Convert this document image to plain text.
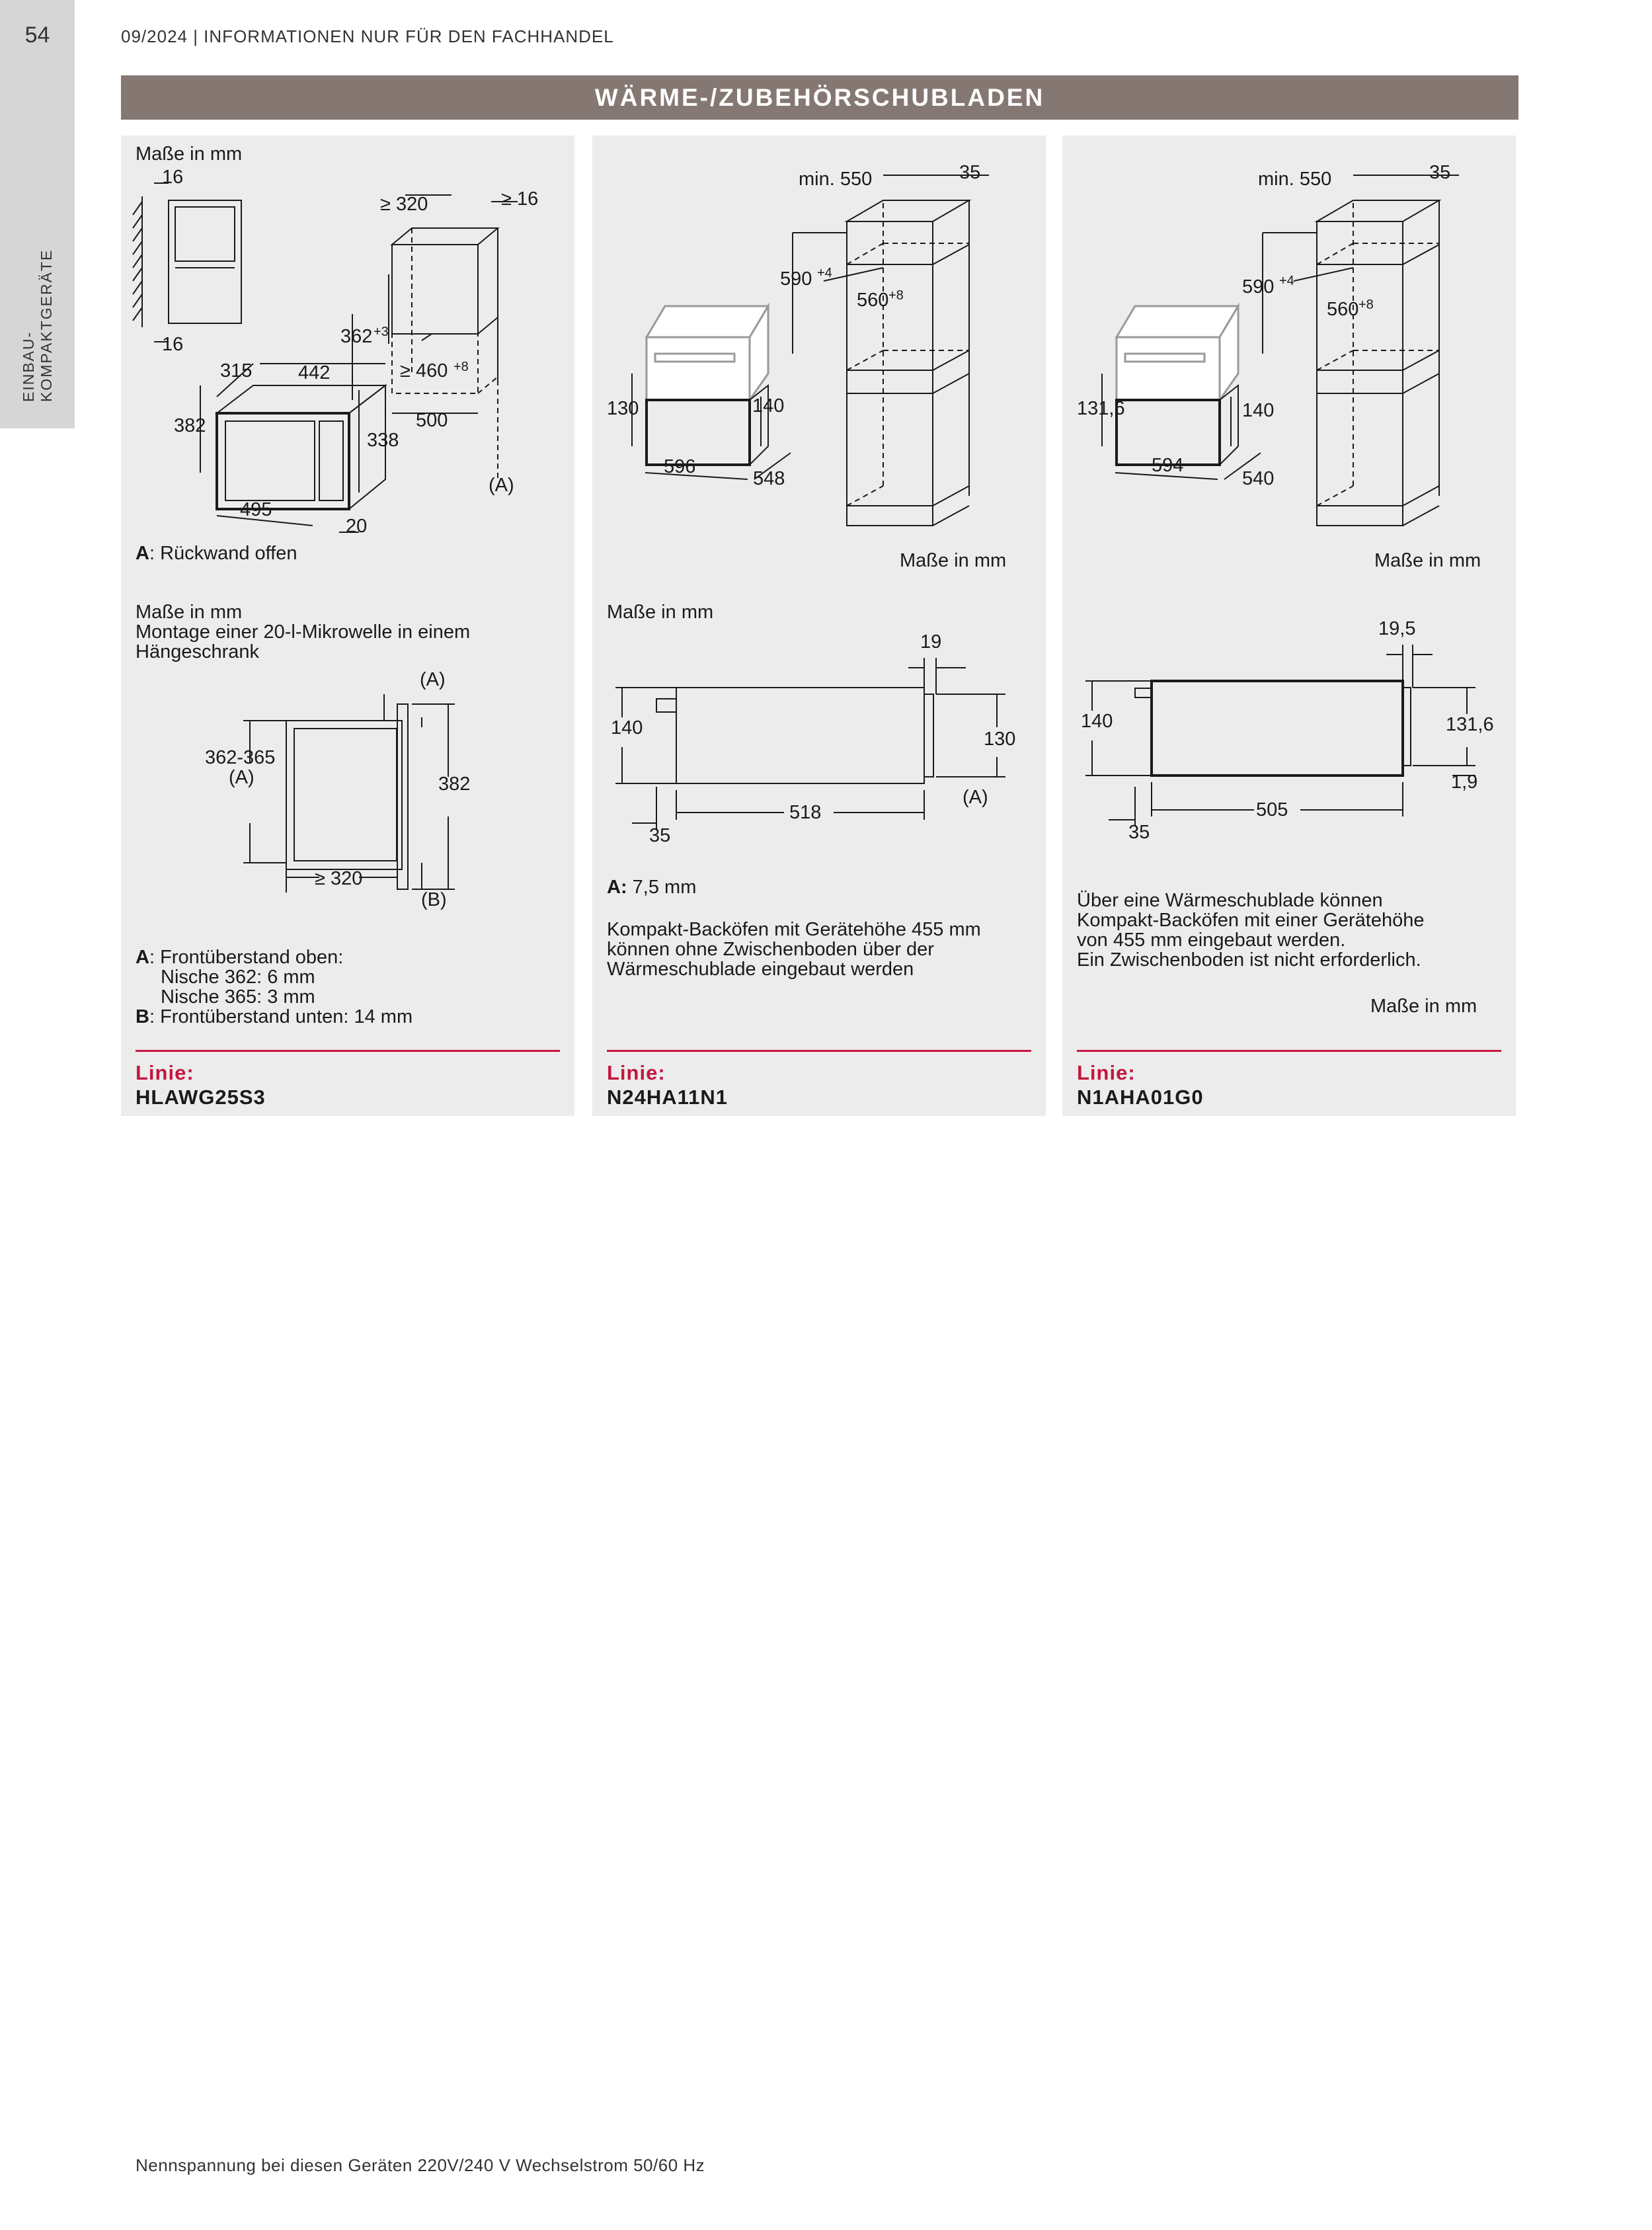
54
EINBAU- KOMPAKTGERÄTE
09/2024 | INFORMATIONEN NUR FÜR DEN FACHHANDEL
WÄRME-/ZUBEHÖRSCHUBLADEN
Maße in mm
16
16
≥ 320	≥ 16
362 +3
≥ 460 +8
315 442
382
338
500
495
20
(A)
Maße in mm
Montage einer 20-l-Mikrowelle in einem
Hängeschrank
(A)
362-365
(A)	382
≥ 320
(B)
A: Rückwand offen
A: Frontüberstand oben:
Nische 362: 6 mm
Nische 365: 3 mm
B: Frontüberstand unten: 14 mm
Linie:
HLAWG25S3
min. 550	35
590 +4
560 +8
130	140
596
548
Maße in mm
Maße in mm
19
140
130
518
35
(A)
A: 7,5 mm
Kompakt-Backöfen mit Gerätehöhe 455 mm
können ohne Zwischenboden über der
Wärmeschublade eingebaut werden
Linie:
N24HA11N1
min. 550	35
590 +4
560 +8
131,6	140
594
540
Maße in mm
19,5
140	131,6
1,9
505
35
Über eine Wärmeschublade können
Kompakt-Backöfen mit einer Gerätehöhe
von 455 mm eingebaut werden.
Ein Zwischenboden ist nicht erforderlich.
Maße in mm
Linie:
N1AHA01G0
Nennspannung bei diesen Geräten 220V/240 V Wechselstrom 50/60 Hz
